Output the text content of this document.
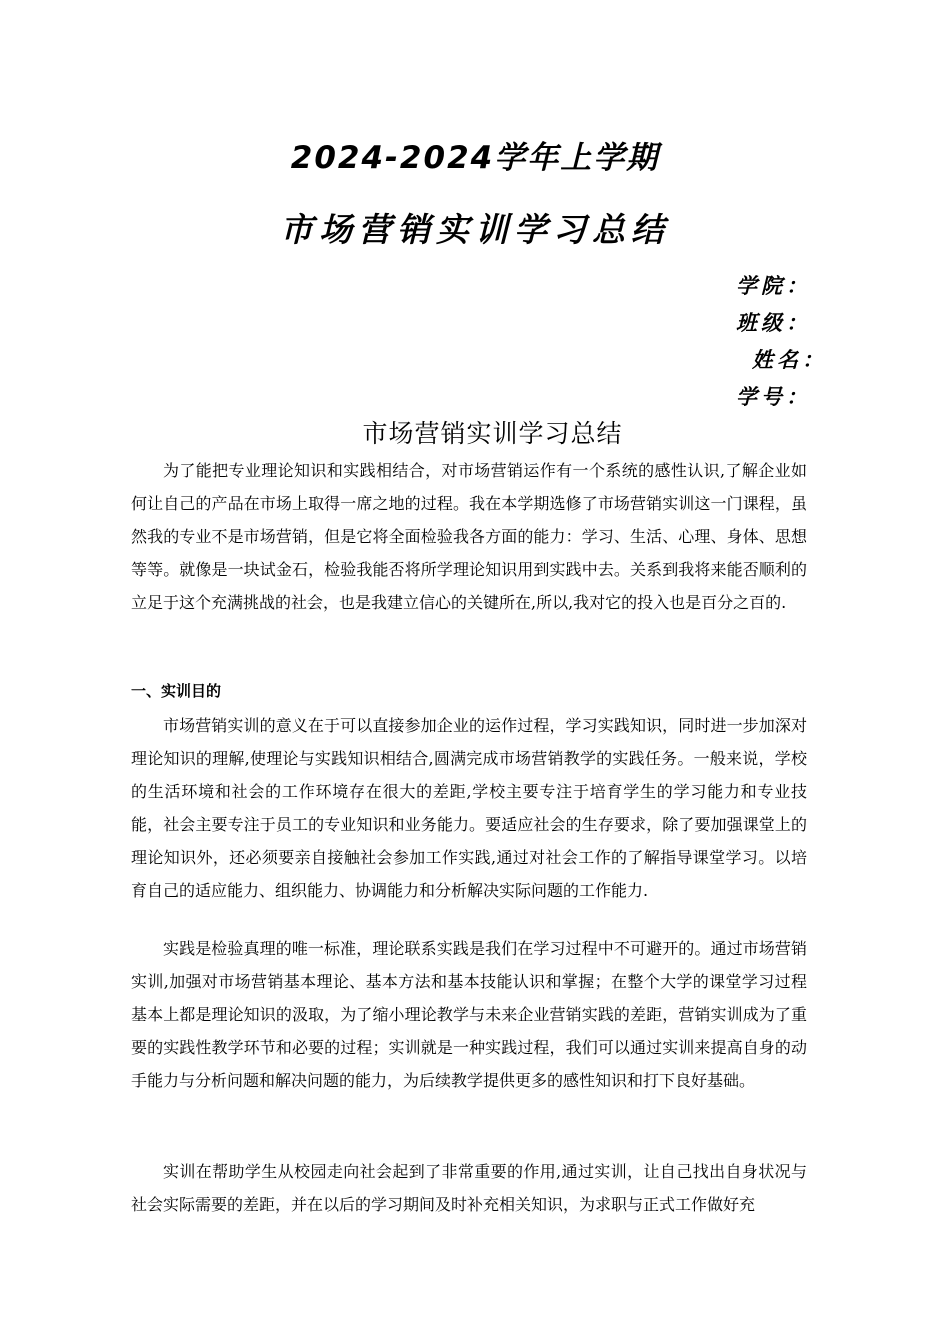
2024-2024学年上学期
市场营销实训学习总结
学院：
班级：
姓名：
学号：
市场营销实训学习总结

为了能把专业理论知识和实践相结合，对市场营销运作有一个系统的感性认识,了解企业如何让自己的产品在市场上取得一席之地的过程。我在本学期选修了市场营销实训这一门课程，虽然我的专业不是市场营销，但是它将全面检验我各方面的能力：学习、生活、心理、身体、思想等等。就像是一块试金石，检验我能否将所学理论知识用到实践中去。关系到我将来能否顺利的立足于这个充满挑战的社会，也是我建立信心的关键所在,所以,我对它的投入也是百分之百的.

一、实训目的

市场营销实训的意义在于可以直接参加企业的运作过程，学习实践知识，同时进一步加深对理论知识的理解,使理论与实践知识相结合,圆满完成市场营销教学的实践任务。一般来说，学校的生活环境和社会的工作环境存在很大的差距,学校主要专注于培育学生的学习能力和专业技能，社会主要专注于员工的专业知识和业务能力。要适应社会的生存要求，除了要加强课堂上的理论知识外，还必须要亲自接触社会参加工作实践,通过对社会工作的了解指导课堂学习。以培育自己的适应能力、组织能力、协调能力和分析解决实际问题的工作能力.

实践是检验真理的唯一标准，理论联系实践是我们在学习过程中不可避开的。通过市场营销实训,加强对市场营销基本理论、基本方法和基本技能认识和掌握；在整个大学的课堂学习过程基本上都是理论知识的汲取，为了缩小理论教学与未来企业营销实践的差距，营销实训成为了重要的实践性教学环节和必要的过程；实训就是一种实践过程，我们可以通过实训来提高自身的动手能力与分析问题和解决问题的能力，为后续教学提供更多的感性知识和打下良好基础。

实训在帮助学生从校园走向社会起到了非常重要的作用,通过实训，让自己找出自身状况与社会实际需要的差距，并在以后的学习期间及时补充相关知识，为求职与正式工作做好充
